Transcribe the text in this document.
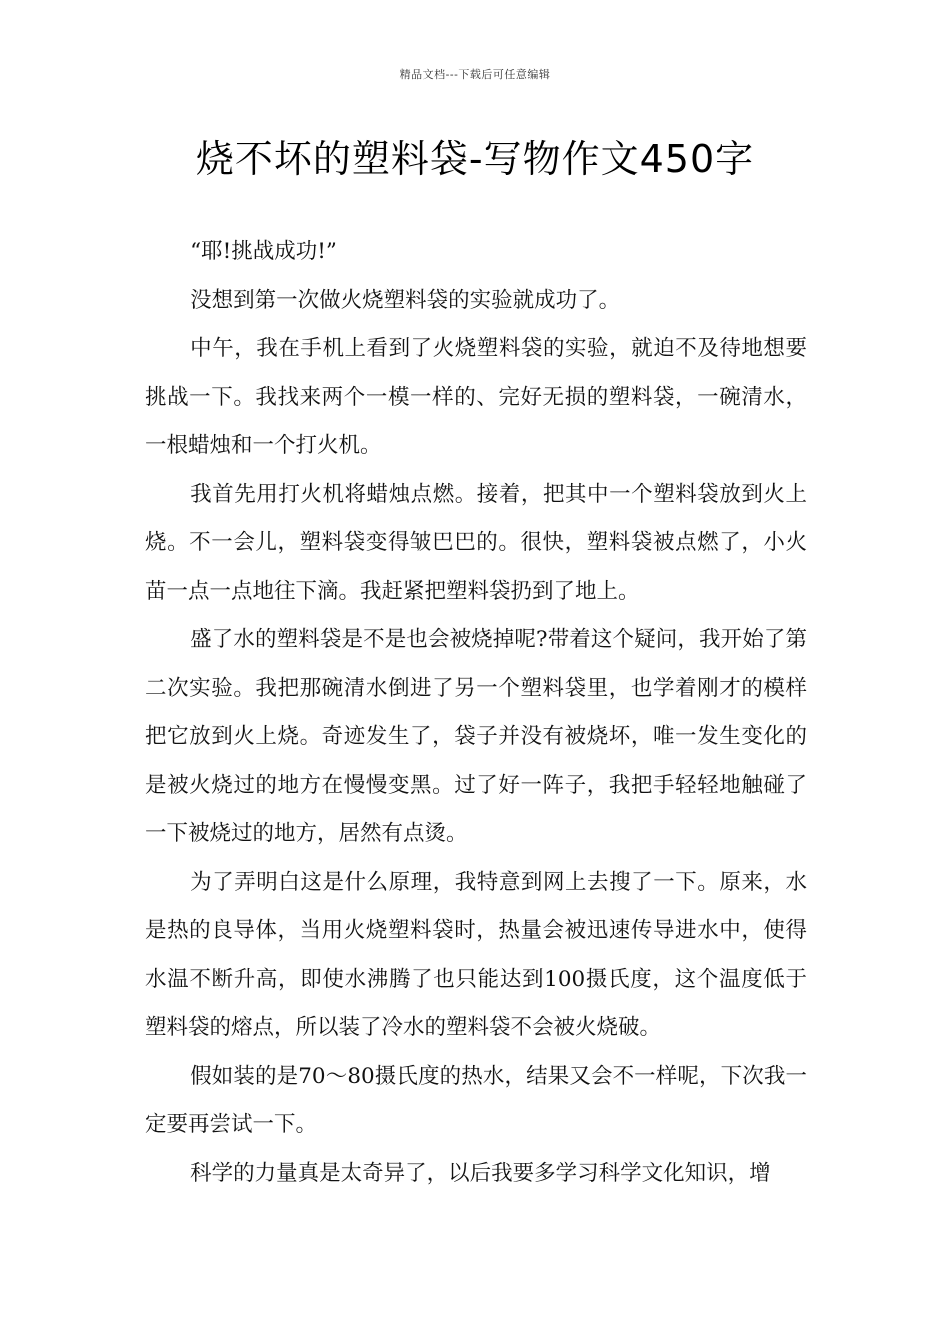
精品文档---下载后可任意编辑
烧不坏的塑料袋-写物作文450字

“耶!挑战成功!”

没想到第一次做火烧塑料袋的实验就成功了。

中午，我在手机上看到了火烧塑料袋的实验，就迫不及待地想要挑战一下。我找来两个一模一样的、完好无损的塑料袋，一碗清水，一根蜡烛和一个打火机。

我首先用打火机将蜡烛点燃。接着，把其中一个塑料袋放到火上烧。不一会儿，塑料袋变得皱巴巴的。很快，塑料袋被点燃了，小火苗一点一点地往下滴。我赶紧把塑料袋扔到了地上。

盛了水的塑料袋是不是也会被烧掉呢?带着这个疑问，我开始了第二次实验。我把那碗清水倒进了另一个塑料袋里，也学着刚才的模样把它放到火上烧。奇迹发生了，袋子并没有被烧坏，唯一发生变化的是被火烧过的地方在慢慢变黑。过了好一阵子，我把手轻轻地触碰了一下被烧过的地方，居然有点烫。

为了弄明白这是什么原理，我特意到网上去搜了一下。原来，水是热的良导体，当用火烧塑料袋时，热量会被迅速传导进水中，使得水温不断升高，即使水沸腾了也只能达到100摄氏度，这个温度低于塑料袋的熔点，所以装了冷水的塑料袋不会被火烧破。

假如装的是70～80摄氏度的热水，结果又会不一样呢，下次我一定要再尝试一下。

科学的力量真是太奇异了，以后我要多学习科学文化知识，增
